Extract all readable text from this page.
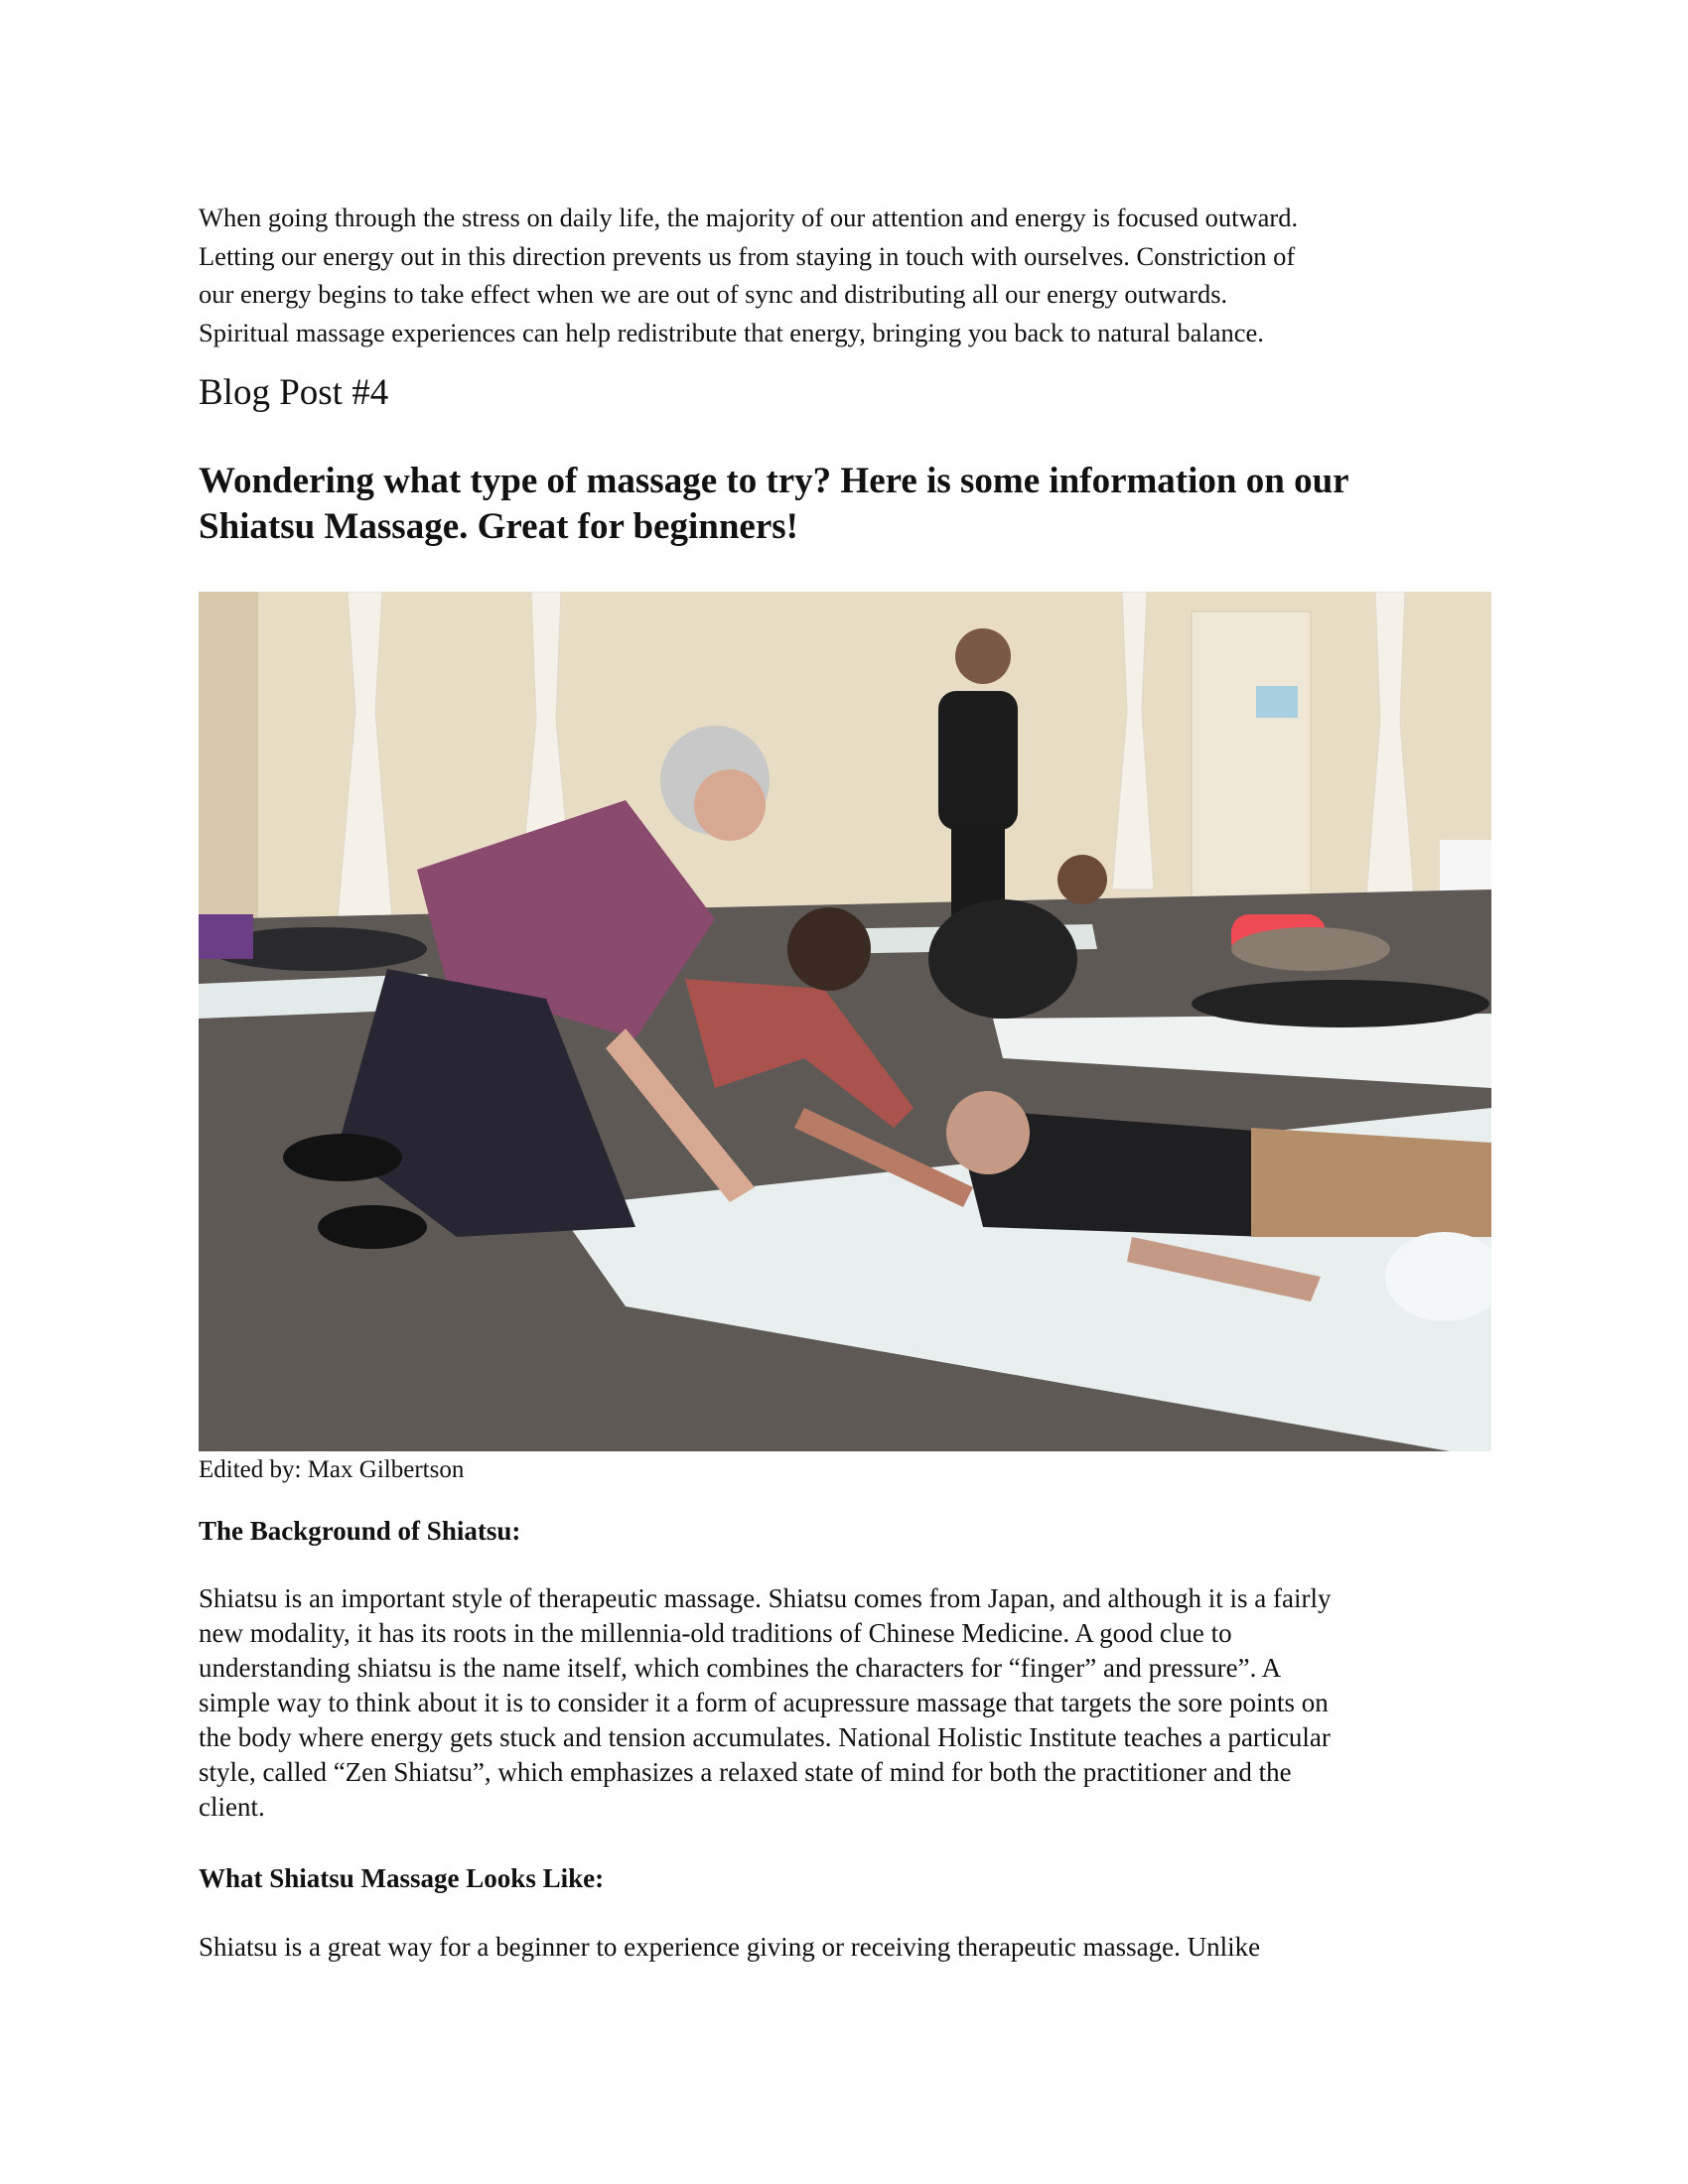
When going through the stress on daily life, the majority of our attention and energy is focused outward.
Letting our energy out in this direction prevents us from staying in touch with ourselves. Constriction of
our energy begins to take effect when we are out of sync and distributing all our energy outwards.
Spiritual massage experiences can help redistribute that energy, bringing you back to natural balance.

Blog Post #4
Wondering what type of massage to try? Here is some information on our
Shiatsu Massage. Great for beginners!

Edited by: Max Gilbertson

The Background of Shiatsu:

Shiatsu is an important style of therapeutic massage. Shiatsu comes from Japan, and although it is a fairly
new modality, it has its roots in the millennia-old traditions of Chinese Medicine. A good clue to
understanding shiatsu is the name itself, which combines the characters for “finger” and pressure”. A
simple way to think about it is to consider it a form of acupressure massage that targets the sore points on
the body where energy gets stuck and tension accumulates. National Holistic Institute teaches a particular
style, called “Zen Shiatsu”, which emphasizes a relaxed state of mind for both the practitioner and the
client.

What Shiatsu Massage Looks Like:

Shiatsu is a great way for a beginner to experience giving or receiving therapeutic massage. Unlike
